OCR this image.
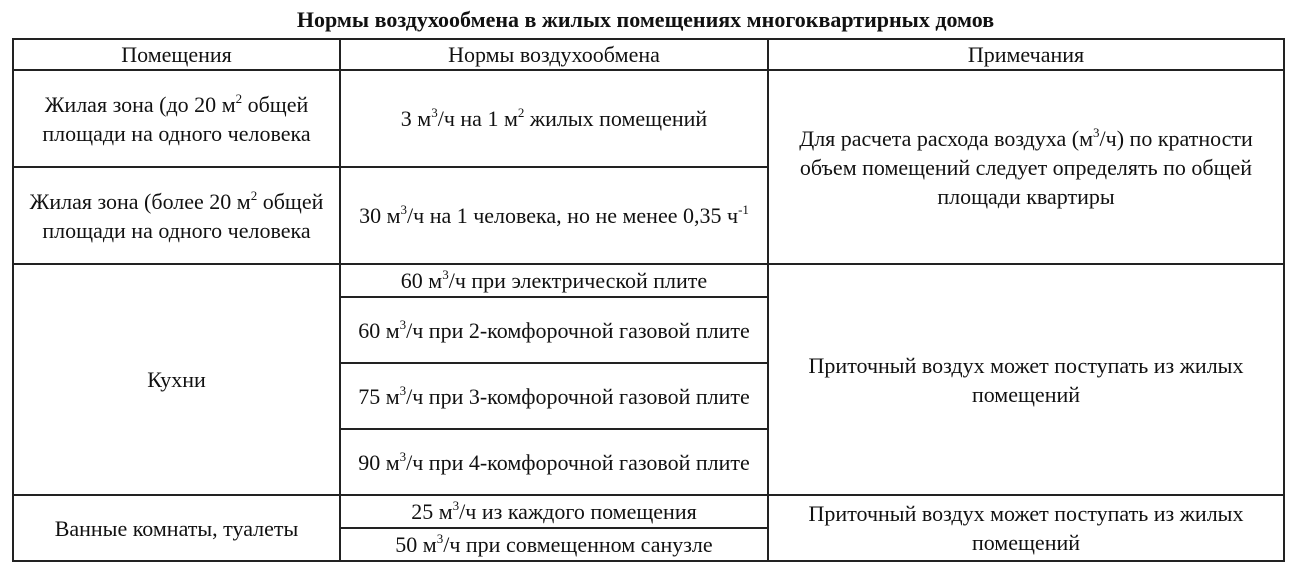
Нормы воздухообмена в жилых помещениях многоквартирных домов
Помещения	Нормы воздухообмена	Примечания
Жилая зона (до 20 $м^2$ общей площади на одного человека	3 $м^3/ч$ на 1 $м^2$ жилых помещений	Для расчета расхода воздуха $(м^3/ч)$ по кратности объем помещений следует определять по общей площади квартиры
Жилая зона (более 20 $м^2$ общей площади на одного человека	30 $м^3/ч$ на 1 человека, но не менее 0,35 $ч^{-1}$
Кухни	60 $м^3/ч$ при электрической плите	Приточный воздух может поступать из жилых помещений
	60 $м^3/ч$ при 2-комфорочной газовой плите	
	75 $м^3/ч$ при 3-комфорочной газовой плите	
	90 $м^3/ч$ при 4-комфорочной газовой плите	
Ванные комнаты, туалеты	25 $м^3/ч$ из каждого помещения	Приточный воздух может поступать из жилых помещений
	50 $м^3/ч$ при совмещенном санузле	
